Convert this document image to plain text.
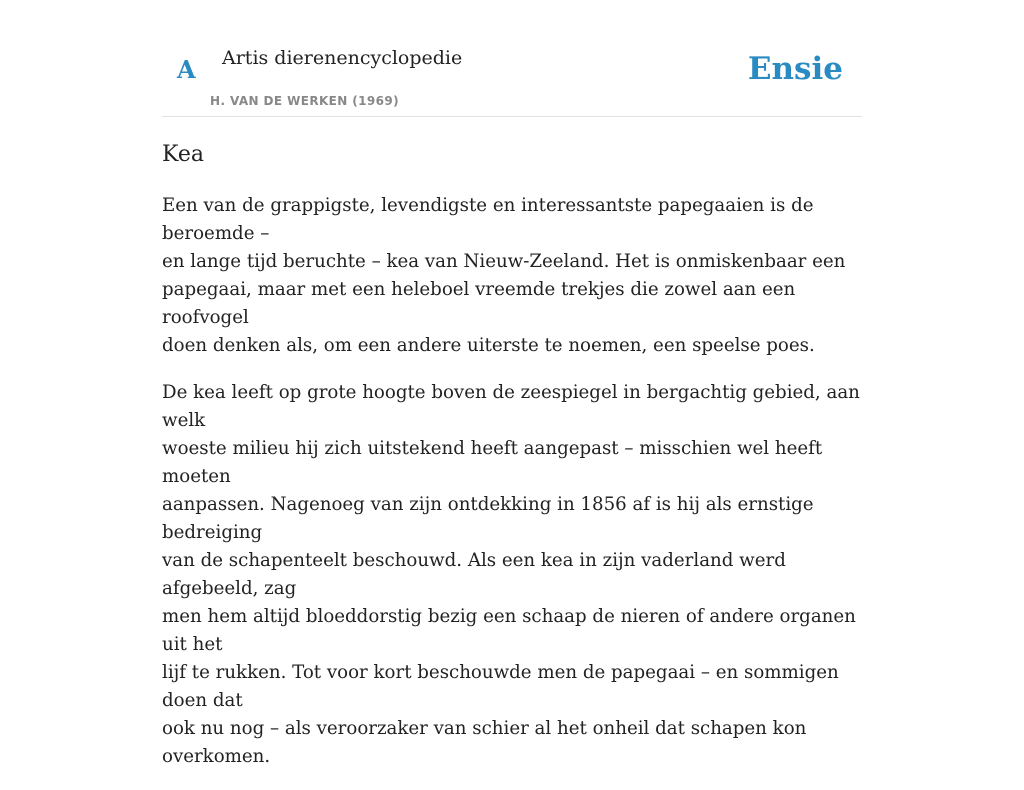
A Artis dierenencyclopedie
H. VAN DE WERKEN (1969)
Ensie
Kea

Een van de grappigste, levendigste en interessantste papegaaien is de beroemde –
en lange tijd beruchte – kea van Nieuw-Zeeland. Het is onmiskenbaar een
papegaai, maar met een heleboel vreemde trekjes die zowel aan een roofvogel
doen denken als, om een andere uiterste te noemen, een speelse poes.

De kea leeft op grote hoogte boven de zeespiegel in bergachtig gebied, aan welk
woeste milieu hij zich uitstekend heeft aangepast – misschien wel heeft moeten
aanpassen. Nagenoeg van zijn ontdekking in 1856 af is hij als ernstige bedreiging
van de schapenteelt beschouwd. Als een kea in zijn vaderland werd afgebeeld, zag
men hem altijd bloeddorstig bezig een schaap de nieren of andere organen uit het
lijf te rukken. Tot voor kort beschouwde men de papegaai – en sommigen doen dat
ook nu nog – als veroorzaker van schier al het onheil dat schapen kon overkomen.
